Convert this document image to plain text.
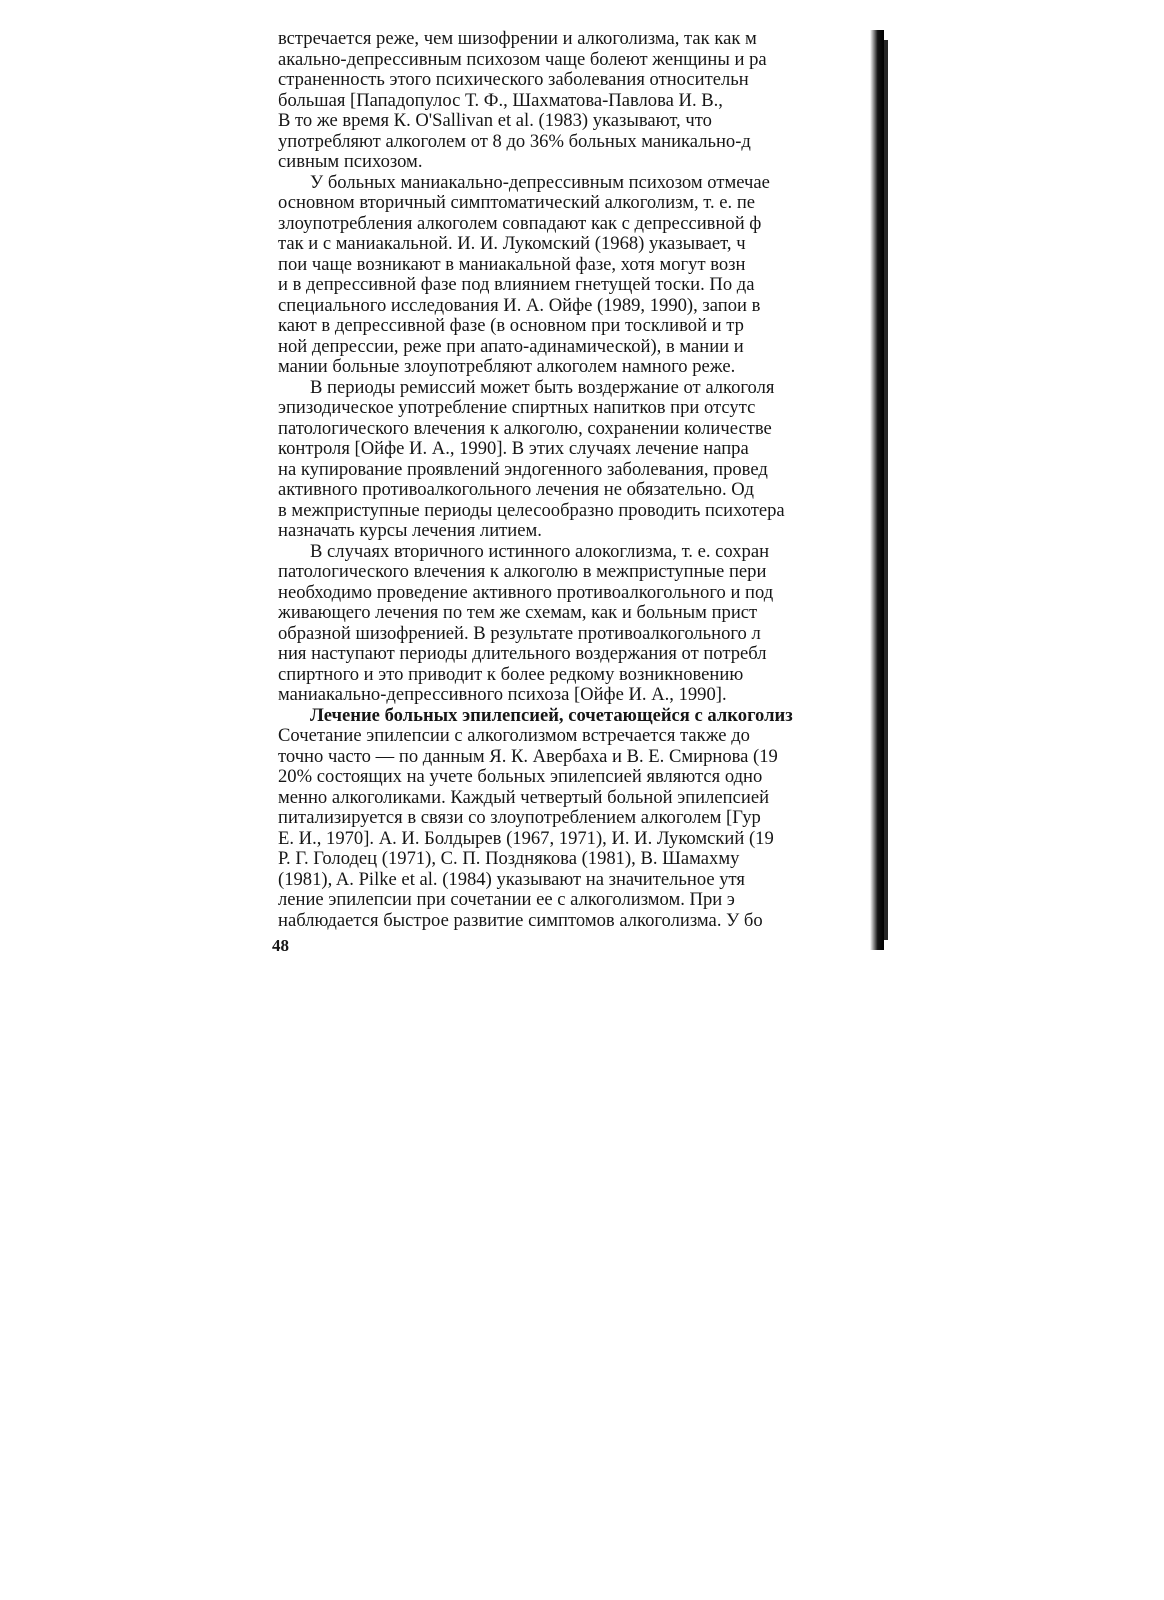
встречается реже, чем шизофрении и алкоголизма, так как м
акально-депрессивным психозом чаще болеют женщины и ра
страненность этого психического заболевания относительн
большая [Пападопулос Т. Ф., Шахматова-Павлова И. В.,
В то же время К. O'Sallivan et al. (1983) указывают, что
употребляют алкоголем от 8 до 36% больных маникально-д
сивным психозом.
У больных маниакально-депрессивным психозом отмечае
основном вторичный симптоматический алкоголизм, т. е. пе
злоупотребления алкоголем совпадают как с депрессивной ф
так и с маниакальной. И. И. Лукомский (1968) указывает, ч
пои чаще возникают в маниакальной фазе, хотя могут возн
и в депрессивной фазе под влиянием гнетущей тоски. По да
специального исследования И. А. Ойфе (1989, 1990), запои в
кают в депрессивной фазе (в основном при тоскливой и тр
ной депрессии, реже при апато-адинамической), в мании и
мании больные злоупотребляют алкоголем намного реже.
В периоды ремиссий может быть воздержание от алкоголя
эпизодическое употребление спиртных напитков при отсутс
патологического влечения к алкоголю, сохранении количестве
контроля [Ойфе И. А., 1990]. В этих случаях лечение напра
на купирование проявлений эндогенного заболевания, провед
активного противоалкогольного лечения не обязательно. Од
в межприступные периоды целесообразно проводить психотера
назначать курсы лечения литием.
В случаях вторичного истинного алокоглизма, т. е. сохран
патологического влечения к алкоголю в межприступные пери
необходимо проведение активного противоалкогольного и под
живающего лечения по тем же схемам, как и больным прист
образной шизофренией. В результате противоалкогольного л
ния наступают периоды длительного воздержания от потребл
спиртного и это приводит к более редкому возникновению
маниакально-депрессивного психоза [Ойфе И. А., 1990].
Лечение больных эпилепсией, сочетающейся с алкоголиз
Сочетание эпилепсии с алкоголизмом встречается также до
точно часто — по данным Я. К. Авербаха и В. Е. Смирнова (19
20% состоящих на учете больных эпилепсией являются одно
менно алкоголиками. Каждый четвертый больной эпилепсией
питализируется в связи со злоупотреблением алкоголем [Гур
Е. И., 1970]. А. И. Болдырев (1967, 1971), И. И. Лукомский (19
Р. Г. Голодец (1971), С. П. Позднякова (1981), В. Шамахму
(1981), A. Pilke et al. (1984) указывают на значительное утя
ление эпилепсии при сочетании ее с алкоголизмом. При э
наблюдается быстрое развитие симптомов алкоголизма. У бо
48
